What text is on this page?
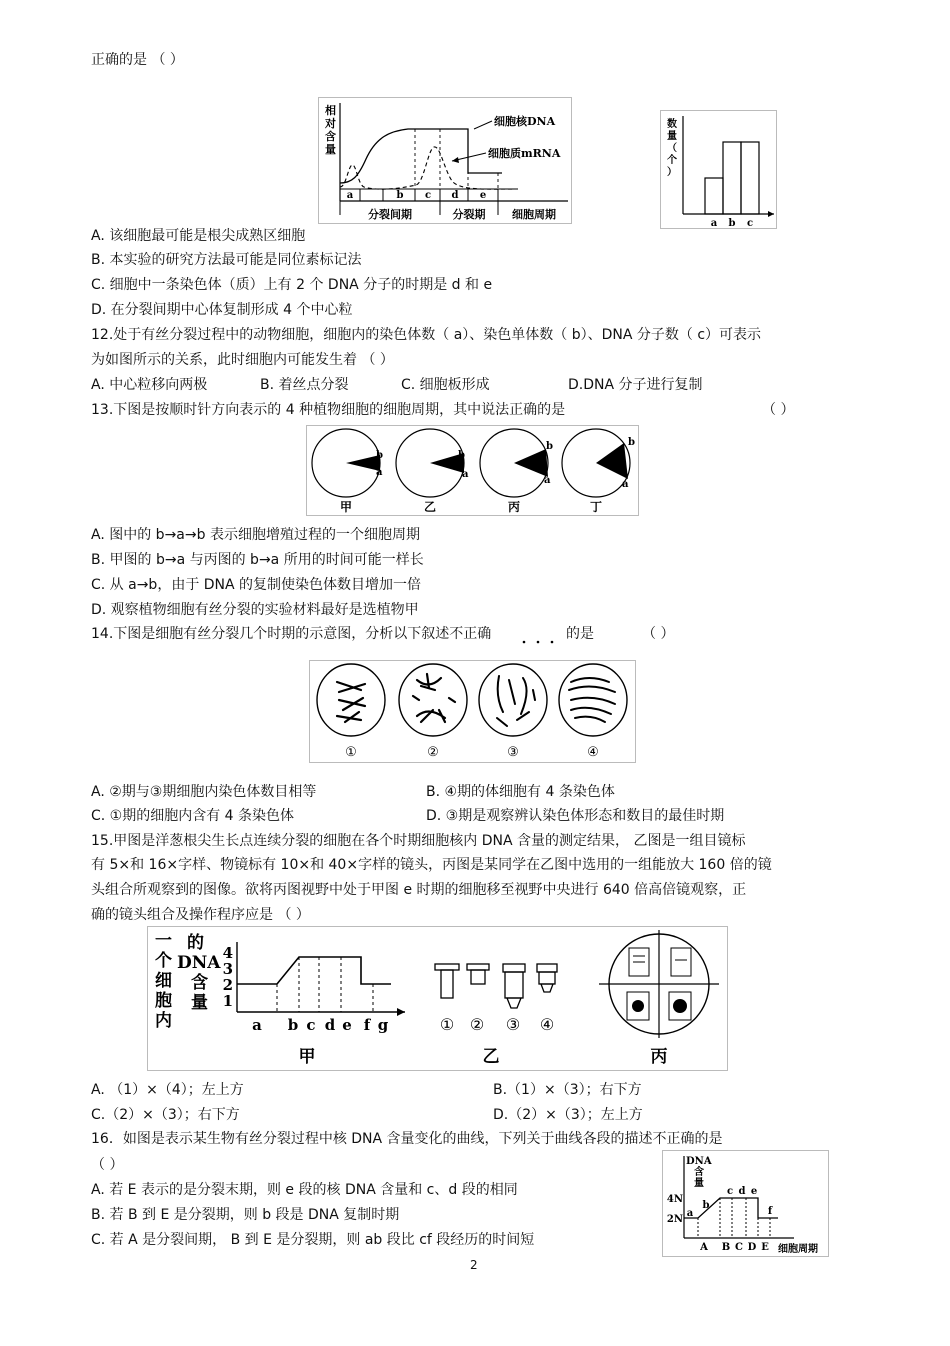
正确的是 （ ）
相
对
含
量
a	b c d e
分裂间期	分裂期 细胞周期
细胞核DNA
细胞质mRNA
数
量
（
个
）
a b c
A. 该细胞最可能是根尖成熟区细胞
B. 本实验的研究方法最可能是同位素标记法
C. 细胞中一条染色体（质）上有 2 个 DNA 分子的时期是 d 和 e
D. 在分裂间期中心体复制形成 4 个中心粒
12.处于有丝分裂过程中的动物细胞，细胞内的染色体数（ a）、染色单体数（ b）、DNA 分子数（ c）可表示
为如图所示的关系，此时细胞内可能发生着 （ ）
A. 中心粒移向两极	B. 着丝点分裂	C. 细胞板形成	D.DNA 分子进行复制
13.下图是按顺时针方向表示的 4 种植物细胞的细胞周期，其中说法正确的是	（ ）
b
a
b
a
b
a
b
a
甲	乙	丙	丁
A. 图中的 b→a→b 表示细胞增殖过程的一个细胞周期
B. 甲图的 b→a 与丙图的 b→a 所用的时间可能一样长
C. 从 a→b，由于 DNA 的复制使染色体数目增加一倍
D. 观察植物细胞有丝分裂的实验材料最好是选植物甲
14.下图是细胞有丝分裂几个时期的示意图，分析以下叙述不正确	的是	（ ）
①	②	③	④
A. ②期与③期细胞内染色体数目相等	B. ④期的体细胞有 4 条染色体
C. ①期的细胞内含有 4 条染色体	D. ③期是观察辨认染色体形态和数目的最佳时期
15.甲图是洋葱根尖生长点连续分裂的细胞在各个时期细胞核内 DNA 含量的测定结果， 乙图是一组目镜标
有 5×和 16×字样、物镜标有 10×和 40×字样的镜头，丙图是某同学在乙图中选用的一组能放大 160 倍的镜
头组合所观察到的图像。欲将丙图视野中处于甲图 e 时期的细胞移至视野中央进行 640 倍高倍镜观察，正
确的镜头组合及操作程序应是 （ ）
一
个
细
胞
内
的
DNA
含
量
4
3
2
1
a b c d e f g
甲
① ② ③ ④
乙	丙
A. （1）×（4）；左上方	B.（1）×（3）；右下方
C.（2）×（3）；右下方	D.（2）×（3）；左上方
16．如图是表示某生物有丝分裂过程中核 DNA 含量变化的曲线，下列关于曲线各段的描述不正确的是
（ ）
A. 若 E 表示的是分裂末期，则 e 段的核 DNA 含量和 c、d 段的相同
B. 若 B 到 E 是分裂期，则 b 段是 DNA 复制时期
C. 若 A 是分裂间期， B 到 E 是分裂期，则 ab 段比 cf 段经历的时间短
DNA
含
量
4N
2N
a
b
c d e
f
A B C D E 细胞周期
2
